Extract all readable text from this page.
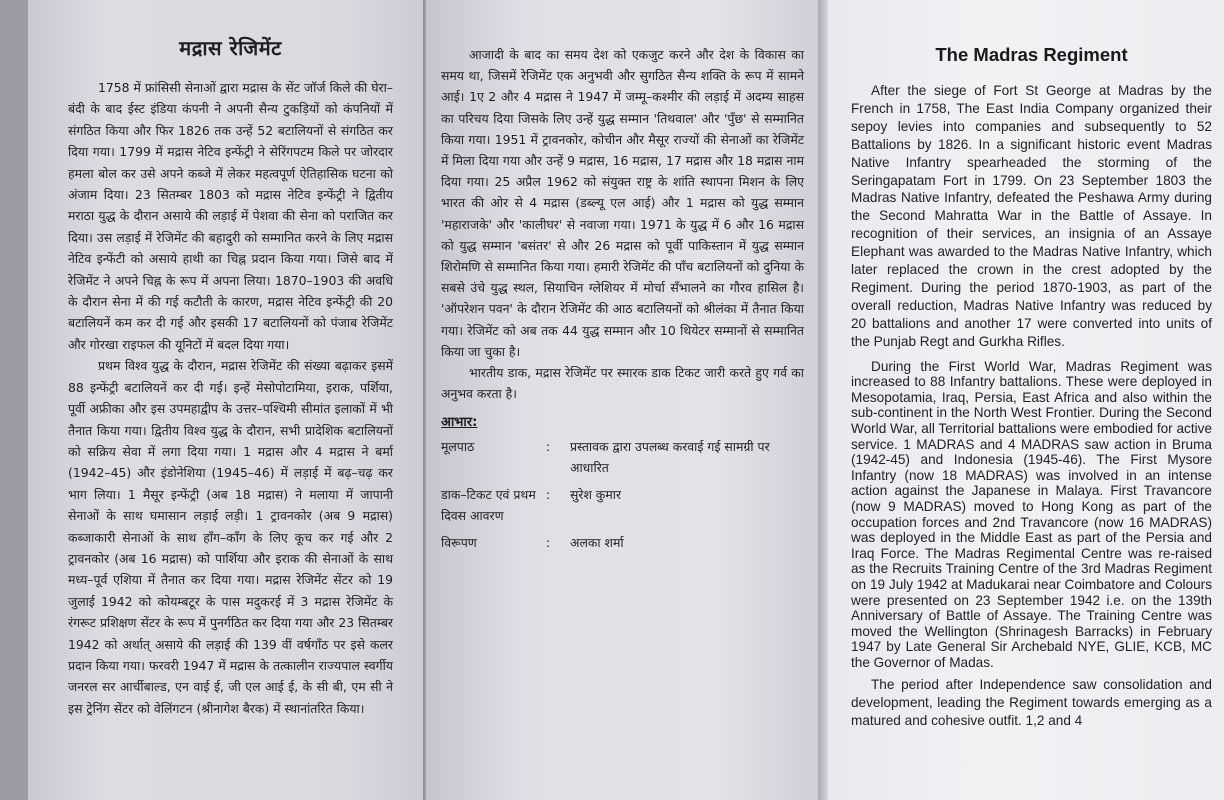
मद्रास रेजिमेंट

1758 में फ्रांसिसी सेनाओं द्वारा मद्रास के सेंट जॉर्ज किले की घेरा–बंदी के बाद ईस्ट इंडिया कंपनी ने अपनी सैन्य टुकड़ियों को कंपनियों में संगठित किया और फिर 1826 तक उन्हें 52 बटालियनों से संगठित कर दिया गया। 1799 में मद्रास नेटिव इन्फेंट्री ने सेरिंगपटम किले पर जोरदार हमला बोल कर उसे अपने कब्जे में लेकर महत्वपूर्ण ऐतिहासिक घटना को अंजाम दिया। 23 सितम्बर 1803 को मद्रास नेटिव इन्फेंट्री ने द्वितीय मराठा युद्ध के दौरान असाये की लड़ाई में पेशवा की सेना को पराजित कर दिया। उस लड़ाई में रेजिमेंट की बहादुरी को सम्मानित करने के लिए मद्रास नेटिव इन्फेंटी को असाये हाथी का चिह्न प्रदान किया गया। जिसे बाद में रेजिमेंट ने अपने चिह्न के रूप में अपना लिया। 1870–1903 की अवधि के दौरान सेना में की गई कटौती के कारण, मद्रास नेटिव इन्फेंट्री की 20 बटालियनें कम कर दी गई और इसकी 17 बटालियनों को पंजाब रेजिमेंट और गोरखा राइफल की यूनिटों में बदल दिया गया।

प्रथम विश्व युद्ध के दौरान, मद्रास रेजिमेंट की संख्या बढ़ाकर इसमें 88 इन्फेंट्री बटालियनें कर दी गई। इन्हें मेसोपोटामिया, इराक, पर्शिया, पूर्वी अफ्रीका और इस उपमहाद्वीप के उत्तर–पश्चिमी सीमांत इलाकों में भी तैनात किया गया। द्वितीय विश्व युद्ध के दौरान, सभी प्रादेशिक बटालियनों को सक्रिय सेवा में लगा दिया गया। 1 मद्रास और 4 मद्रास ने बर्मा (1942–45) और इंडोनेशिया (1945–46) में लड़ाई में बढ़–चढ़ कर भाग लिया। 1 मैसूर इन्फेंट्री (अब 18 मद्रास) ने मलाया में जापानी सेनाओं के साथ घमासान लड़ाई लड़ी। 1 ट्रावनकोर (अब 9 मद्रास) कब्जाकारी सेनाओं के साथ हाँग–काँग के लिए कूच कर गई और 2 ट्रावनकोर (अब 16 मद्रास) को पार्शिया और इराक की सेनाओं के साथ मध्य–पूर्व एशिया में तैनात कर दिया गया। मद्रास रेजिमेंट सेंटर को 19 जुलाई 1942 को कोयम्बटूर के पास मदुकरई में 3 मद्रास रेजिमेंट के रंगरूट प्रशिक्षण सेंटर के रूप में पुनर्गठित कर दिया गया और 23 सितम्बर 1942 को अर्थात् असाये की लड़ाई की 139 वीं वर्षगाँठ पर इसे कलर प्रदान किया गया। फरवरी 1947 में मद्रास के तत्कालीन राज्यपाल स्वर्गीय जनरल सर आर्चीबाल्ड, एन वाई ई, जी एल आई ई, के सी बी, एम सी ने इस ट्रेनिंग सेंटर को वेलिंगटन (श्रीनागेश बैरक) में स्थानांतरित किया।

आजादी के बाद का समय देश को एकजुट करने और देश के विकास का समय था, जिसमें रेजिमेंट एक अनुभवी और सुगठित सैन्य शक्ति के रूप में सामने आई। 1ए 2 और 4 मद्रास ने 1947 में जम्मू–कश्मीर की लड़ाई में अदम्य साहस का परिचय दिया जिसके लिए उन्हें युद्ध सम्मान 'तिथवाल' और 'पुँछ' से सम्मानित किया गया। 1951 में ट्रावनकोर, कोचीन और मैसूर राज्यों की सेनाओं का रेजिमेंट में मिला दिया गया और उन्हें 9 मद्रास, 16 मद्रास, 17 मद्रास और 18 मद्रास नाम दिया गया। 25 अप्रैल 1962 को संयुक्त राष्ट्र के शांति स्थापना मिशन के लिए भारत की ओर से 4 मद्रास (डब्ल्यू एल आई) और 1 मद्रास को युद्ध सम्मान 'महाराजके' और 'कालीघर' से नवाजा गया। 1971 के युद्ध में 6 और 16 मद्रास को युद्ध सम्मान 'बसंतर' से और 26 मद्रास को पूर्वी पाकिस्तान में युद्ध सम्मान शिरोमणि से सम्मानित किया गया। हमारी रेजिमेंट की पाँच बटालियनों को दुनिया के सबसे उंचे युद्ध स्थल, सियाचिन ग्लेशियर में मोर्चा सँभालने का गौरव हासिल है। 'ऑपरेशन पवन' के दौरान रेजिमेंट की आठ बटालियनों को श्रीलंका में तैनात किया गया। रेजिमेंट को अब तक 44 युद्ध सम्मान और 10 थियेटर सम्मानों से सम्मानित किया जा चुका है।

भारतीय डाक, मद्रास रेजिमेंट पर स्मारक डाक टिकट जारी करते हुए गर्व का अनुभव करता है।

आभार:
मूलपाठ	:	प्रस्तावक द्वारा उपलब्ध करवाई गई सामग्री पर आधारित
डाक–टिकट एवं प्रथम दिवस आवरण
:	सुरेश कुमार
विरूपण	:	अलका शर्मा
The Madras Regiment

After the siege of Fort St George at Madras by the French in 1758, The East India Company organized their sepoy levies into companies and subsequently to 52 Battalions by 1826. In a significant historic event Madras Native Infantry spearheaded the storming of the Seringapatam Fort in 1799. On 23 September 1803 the Madras Native Infantry, defeated the Peshawa Army during the Second Mahratta War in the Battle of Assaye. In recognition of their services, an insignia of an Assaye Elephant was awarded to the Madras Native Infantry, which later replaced the crown in the crest adopted by the Regiment. During the period 1870-1903, as part of the overall reduction, Madras Native Infantry was reduced by 20 battalions and another 17 were converted into units of the Punjab Regt and Gurkha Rifles.

During the First World War, Madras Regiment was increased to 88 Infantry battalions. These were deployed in Mesopotamia, Iraq, Persia, East Africa and also within the sub-continent in the North West Frontier. During the Second World War, all Territorial battalions were embodied for active service. 1 MADRAS and 4 MADRAS saw action in Bruma (1942-45) and Indonesia (1945-46). The First Mysore Infantry (now 18 MADRAS) was involved in an intense action against the Japanese in Malaya. First Travancore (now 9 MADRAS) moved to Hong Kong as part of the occupation forces and 2nd Travancore (now 16 MADRAS) was deployed in the Middle East as part of the Persia and Iraq Force. The Madras Regimental Centre was re-raised as the Recruits Training Centre of the 3rd Madras Regiment on 19 July 1942 at Madukarai near Coimbatore and Colours were presented on 23 September 1942 i.e. on the 139th Anniversary of Battle of Assaye. The Training Centre was moved the Wellington (Shrinagesh Barracks) in February 1947 by Late General Sir Archebald NYE, GLIE, KCB, MC the Governor of Madas.

The period after Independence saw consolidation and development, leading the Regiment towards emerging as a matured and cohesive outfit. 1,2 and 4
